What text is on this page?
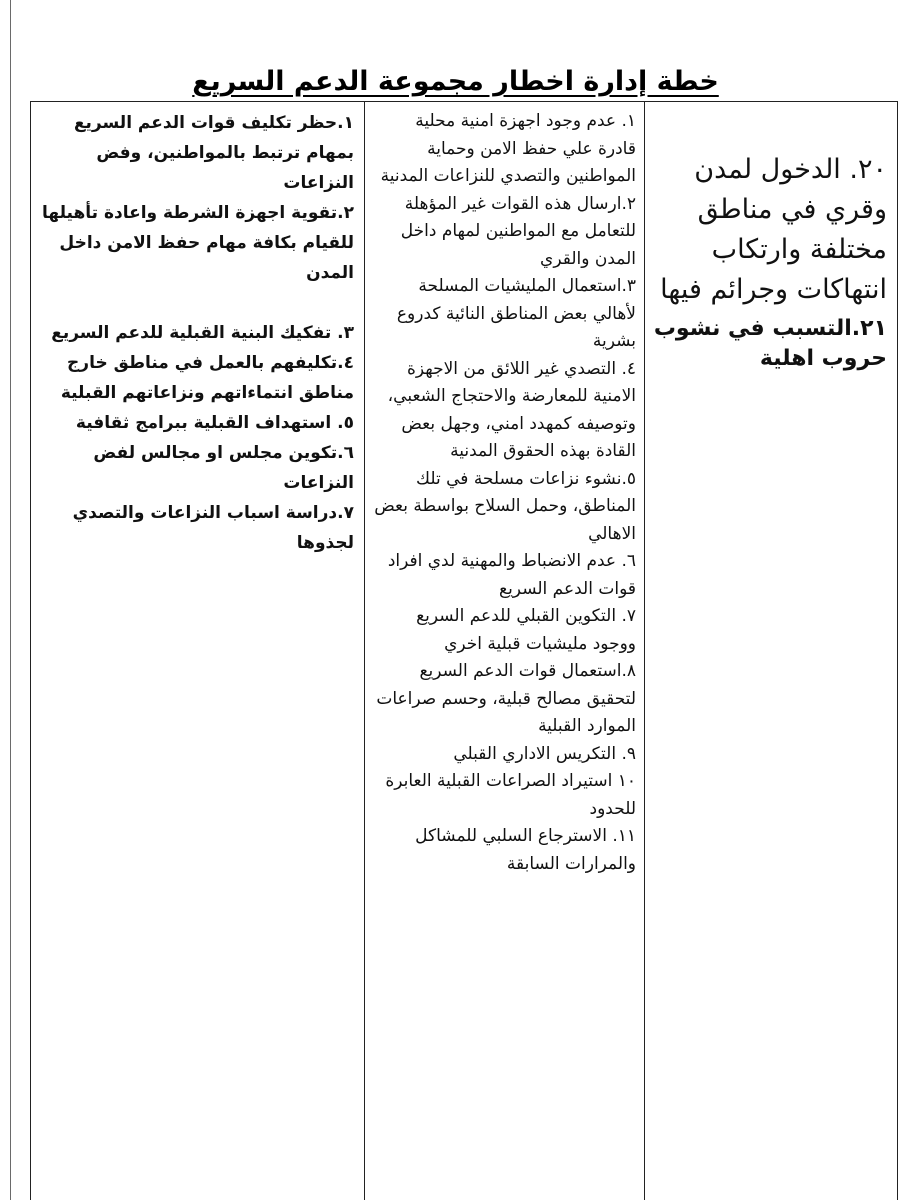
خطة إدارة اخطار مجموعة الدعم السريع

٢٠. الدخول لمدن وقري في مناطق مختلفة وارتكاب انتهاكات وجرائم فيها

٢١.التسبب في نشوب حروب اهلية

١. عدم وجود اجهزة امنية محلية قادرة علي حفظ الامن وحماية المواطنين والتصدي للنزاعات المدنية

٢.ارسال هذه القوات غير المؤهلة للتعامل مع المواطنين لمهام داخل المدن والقري

٣.استعمال المليشيات المسلحة لأهالي بعض المناطق النائية كدروع بشرية

٤. التصدي غير اللائق من الاجهزة الامنية للمعارضة والاحتجاج الشعبي، وتوصيفه كمهدد امني، وجهل بعض القادة بهذه الحقوق المدنية

٥.نشوء نزاعات مسلحة في تلك المناطق، وحمل السلاح بواسطة بعض الاهالي

٦. عدم الانضباط والمهنية لدي افراد قوات الدعم السريع

٧. التكوين القبلي للدعم السريع ووجود مليشيات قبلية اخري

٨.استعمال قوات الدعم السريع لتحقيق مصالح قبلية، وحسم صراعات الموارد القبلية

٩. التكريس الاداري القبلي

١٠ استيراد الصراعات القبلية العابرة للحدود

١١. الاسترجاع السلبي للمشاكل والمرارات السابقة

١.حظر تكليف قوات الدعم السريع بمهام ترتبط بالمواطنين، وفض النزاعات

٢.تقوية اجهزة الشرطة واعادة تأهيلها للقيام بكافة مهام حفظ الامن داخل المدن

٣. تفكيك البنية القبلية للدعم السريع

٤.تكليفهم بالعمل في مناطق خارج مناطق انتماءاتهم ونزاعاتهم القبلية

٥. استهداف القبلية ببرامج ثقافية

٦.تكوين مجلس او مجالس لفض النزاعات

٧.دراسة اسباب النزاعات والتصدي لجذوها
